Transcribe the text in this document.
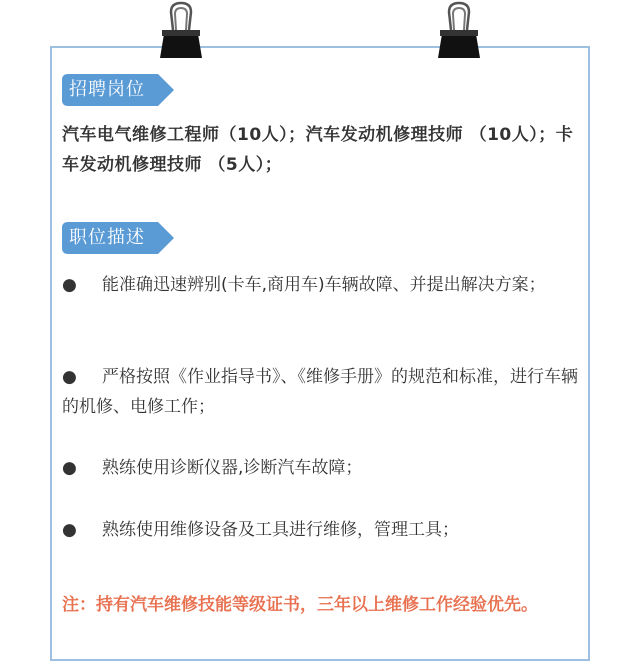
招聘岗位
汽车电气维修工程师（10人）；汽车发动机修理技师 （10人）；卡车发动机修理技师 （5人）；
职位描述
● 能准确迅速辨别(卡车,商用车)车辆故障、并提出解决方案；
● 严格按照《作业指导书》、《维修手册》的规范和标准，进行车辆的机修、电修工作；
● 熟练使用诊断仪器,诊断汽车故障；
● 熟练使用维修设备及工具进行维修，管理工具；
注：持有汽车维修技能等级证书，三年以上维修工作经验优先。
